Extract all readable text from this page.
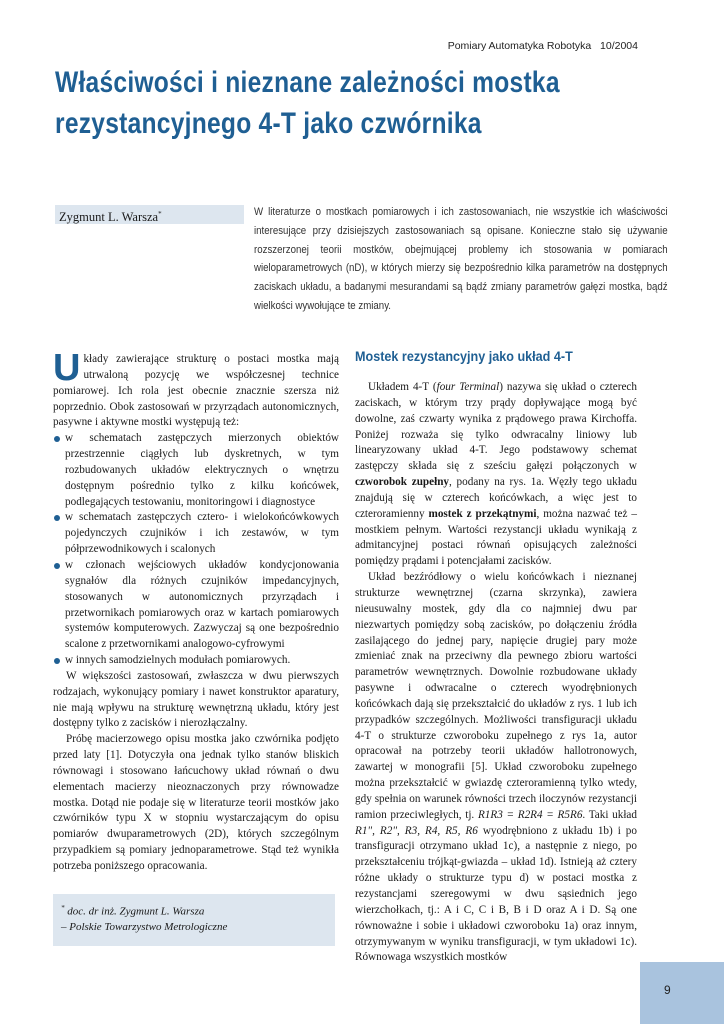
Pomiary Automatyka Robotyka 10/2004
Właściwości i nieznane zależności mostka rezystancyjnego 4-T jako czwórnika
Zygmunt L. Warsza*	W literaturze o mostkach pomiarowych i ich zastosowaniach, nie wszystkie ich właściwości interesujące przy dzisiejszych zastosowaniach są opisane. Konieczne stało się używanie rozszerzonej teorii mostków, obejmującej problemy ich stosowania w pomiarach wieloparametrowych (nD), w których mierzy się bezpośrednio kilka parametrów na dostępnych zaciskach układu, a badanymi mesurandami są bądź zmiany parametrów gałęzi mostka, bądź wielkości wywołujące te zmiany.

Układy zawierające strukturę o postaci mostka mają utrwaloną pozycję we współczesnej technice pomiarowej. Ich rola jest obecnie znacznie szersza niż poprzednio. Obok zastosowań w przyrządach autonomicznych, pasywne i aktywne mostki występują też:

w schematach zastępczych mierzonych obiektów przestrzennie ciągłych lub dyskretnych, w tym rozbudowanych układów elektrycznych o wnętrzu dostępnym pośrednio tylko z kilku końcówek, podlegających testowaniu, monitoringowi i diagnostyce
w schematach zastępczych cztero- i wielokońcówkowych pojedynczych czujników i ich zestawów, w tym półprzewodnikowych i scalonych
w członach wejściowych układów kondycjonowania sygnałów dla różnych czujników impedancyjnych, stosowanych w autonomicznych przyrządach i przetwornikach pomiarowych oraz w kartach pomiarowych systemów komputerowych. Zazwyczaj są one bezpośrednio scalone z przetwornikami analogowo-cyfrowymi
w innych samodzielnych modułach pomiarowych.

W większości zastosowań, zwłaszcza w dwu pierwszych rodzajach, wykonujący pomiary i nawet konstruktor aparatury, nie mają wpływu na strukturę wewnętrzną układu, który jest dostępny tylko z zacisków i nierozłączalny.

Próbę macierzowego opisu mostka jako czwórnika podjęto przed laty [1]. Dotyczyła ona jednak tylko stanów bliskich równowagi i stosowano łańcuchowy układ równań o dwu elementach macierzy nieoznaczonych przy równowadze mostka. Dotąd nie podaje się w literaturze teorii mostków jako czwórników typu X w stopniu wystarczającym do opisu pomiarów dwuparametrowych (2D), których szczególnym przypadkiem są pomiary jednoparametrowe. Stąd też wynikła potrzeba poniższego opracowania.

* doc. dr inż. Zygmunt L. Warsza
– Polskie Towarzystwo Metrologiczne
Mostek rezystancyjny jako układ 4-T

Układem 4-T (four Terminal) nazywa się układ o czterech zaciskach, w którym trzy prądy dopływające mogą być dowolne, zaś czwarty wynika z prądowego prawa Kirchoffa. Poniżej rozważa się tylko odwracalny liniowy lub linearyzowany układ 4-T. Jego podstawowy schemat zastępczy składa się z sześciu gałęzi połączonych w czworobok zupełny, podany na rys. 1a. Węzły tego układu znajdują się w czterech końcówkach, a więc jest to czteroramienny mostek z przekątnymi, można nazwać też – mostkiem pełnym. Wartości rezystancji układu wynikają z admitancyjnej postaci równań opisujących zależności pomiędzy prądami i potencjałami zacisków.

Układ bezźródłowy o wielu końcówkach i nieznanej strukturze wewnętrznej (czarna skrzynka), zawiera nieusuwalny mostek, gdy dla co najmniej dwu par niezwartych pomiędzy sobą zacisków, po dołączeniu źródła zasilającego do jednej pary, napięcie drugiej pary może zmieniać znak na przeciwny dla pewnego zbioru wartości parametrów wewnętrznych. Dowolnie rozbudowane układy pasywne i odwracalne o czterech wyodrębnionych końcówkach dają się przekształcić do układów z rys. 1 lub ich przypadków szczególnych. Możliwości transfiguracji układu 4-T o strukturze czworoboku zupełnego z rys 1a, autor opracował na potrzeby teorii układów hallotronowych, zawartej w monografii [5]. Układ czworoboku zupełnego można przekształcić w gwiazdę czteroramienną tylko wtedy, gdy spełnia on warunek równości trzech iloczynów rezystancji ramion przeciwległych, tj. R1R3 = R2R4 = R5R6. Taki układ R1", R2", R3, R4, R5, R6 wyodrębniono z układu 1b) i po transfiguracji otrzymano układ 1c), a następnie z niego, po przekształceniu trójkąt-gwiazda – układ 1d). Istnieją aż cztery różne układy o strukturze typu d) w postaci mostka z rezystancjami szeregowymi w dwu sąsiednich jego wierzchołkach, tj.: A i C, C i B, B i D oraz A i D. Są one równoważne i sobie i układowi czworoboku 1a) oraz innym, otrzymywanym w wyniku transfiguracji, w tym układowi 1c). Równowaga wszystkich mostków

9
